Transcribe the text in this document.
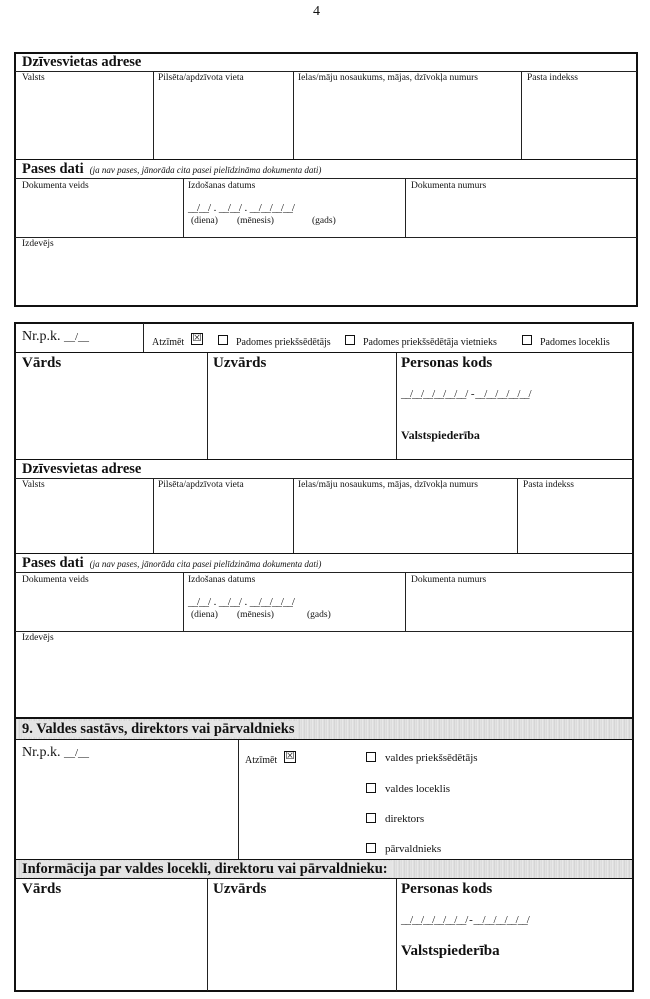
4
Dzīvesvietas adrese
Valsts	Pilsēta/apdzīvota vieta	Ielas/māju nosaukums, mājas, dzīvokļa numurs	Pasta indekss
Pases dati (ja nav pases, jānorāda cita pasei pielīdzināma dokumenta dati)
Dokumenta veids	Izdošanas datums	Dokumenta numurs
__/__/  .  __/__/  .  __/__/__/__/
(diena) (mēnesis)	(gads)
Izdevējs
Nr.p.k. __/__	Atzīmēt ☒	Padomes priekšsēdētājs	Padomes priekšsēdētāja vietnieks	Padomes loceklis
Vārds	Uzvārds	Personas kods
__/__/__/__/__/__/  - __/__/__/__/__/
Valstspiederība
Dzīvesvietas adrese
Valsts	Pilsēta/apdzīvota vieta	Ielas/māju nosaukums, mājas, dzīvokļa numurs	Pasta indekss
Pases dati (ja nav pases, jānorāda cita pasei pielīdzināma dokumenta dati)
Dokumenta veids	Izdošanas datums	Dokumenta numurs
__/__/  .  __/__/  .  __/__/__/__/
(diena) (mēnesis)	(gads)
Izdevējs
9. Valdes sastāvs, direktors vai pārvaldnieks
Nr.p.k. __/__
Atzīmēt ☒	valdes priekšsēdētājs
valdes loceklis
direktors
pārvaldnieks
Informācija par valdes locekli, direktoru vai pārvaldnieku:
Vārds	Uzvārds	Personas kods
__/__/__/__/__/__/ - __/__/__/__/__/
Valstspiederība
